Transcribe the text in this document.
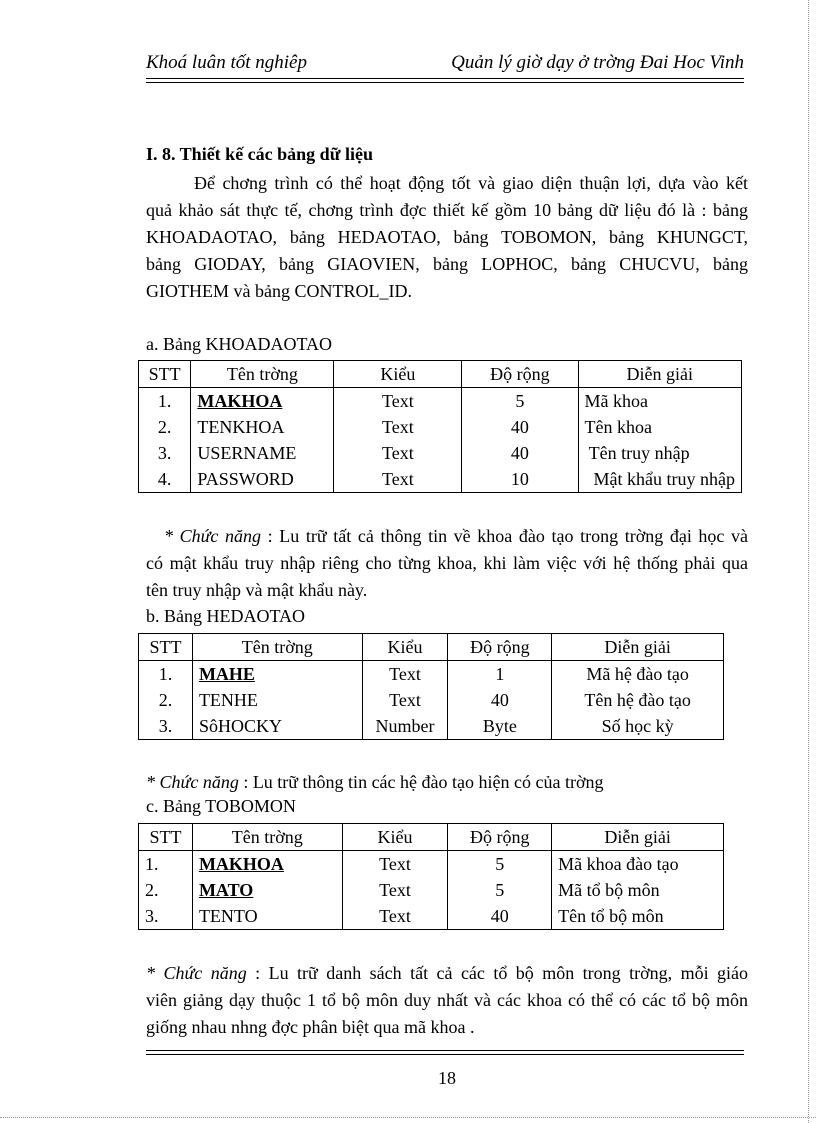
Khoá luân tốt nghiêp	Quản lý giờ dạy ở trờng Đai Hoc Vinh
I. 8. Thiết kế các bảng dữ liệu
Để chơng trình có thể hoạt động tốt và giao diện thuận lợi, dựa vào kết
quả khảo sát thực tế, chơng trình đợc thiết kế gồm 10 bảng dữ liệu đó là : bảng
KHOADAOTAO, bảng HEDAOTAO, bảng TOBOMON, bảng KHUNGCT,
bảng GIODAY, bảng GIAOVIEN, bảng LOPHOC, bảng CHUCVU, bảng
GIOTHEM và bảng CONTROL_ID.
a. Bảng KHOADAOTAO
STT	Tên trờng	Kiểu	Độ rộng	Diễn giải
1.	MAKHOA	Text	5	Mã khoa
2.	TENKHOA	Text	40	Tên khoa
3.	USERNAME	Text	40	Tên truy nhập
4.	PASSWORD	Text	10	Mật khẩu truy nhập
* Chức năng : Lu trữ tất cả thông tin về khoa đào tạo trong trờng đại học và
có mật khẩu truy nhập riêng cho từng khoa, khi làm việc với hệ thống phải qua
tên truy nhập và mật khẩu này.
b. Bảng HEDAOTAO
STT	Tên trờng	Kiểu	Độ rộng	Diễn giải
1.	MAHE	Text	1	Mã hệ đào tạo
2.	TENHE	Text	40	Tên hệ đào tạo
3.	SôHOCKY	Number	Byte	Số học kỳ
* Chức năng : Lu trữ thông tin các hệ đào tạo hiện có của trờng
c. Bảng TOBOMON
STT	Tên trờng	Kiểu	Độ rộng	Diễn giải
1.	MAKHOA	Text	5	Mã khoa đào tạo
2.	MATO	Text	5	Mã tổ bộ môn
3.	TENTO	Text	40	Tên tổ bộ môn
* Chức năng : Lu trữ danh sách tất cả các tổ bộ môn trong trờng, mỗi giáo
viên giảng dạy thuộc 1 tổ bộ môn duy nhất và các khoa có thể có các tổ bộ môn
giống nhau nhng đợc phân biệt qua mã khoa .
18
